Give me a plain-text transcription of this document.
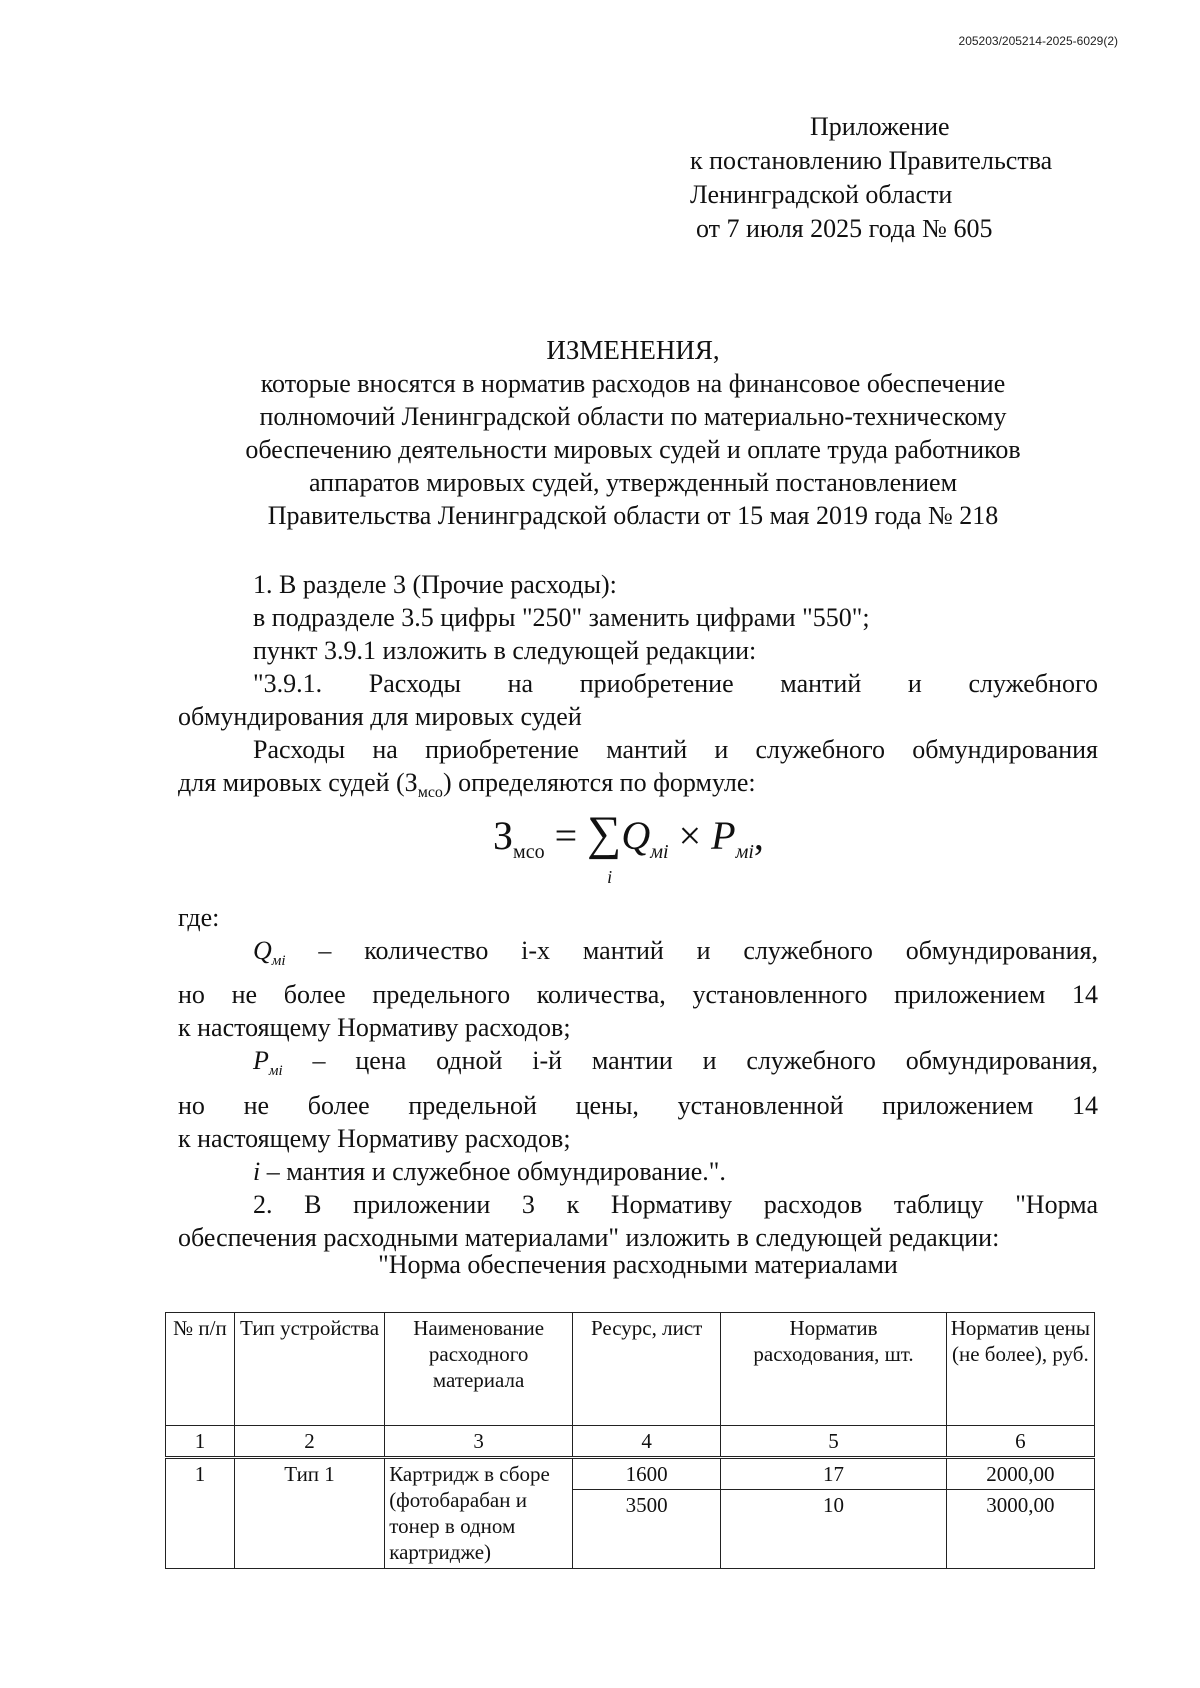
205203/205214-2025-6029(2)
Приложение
к постановлению Правительства
Ленинградской области
от 7 июля 2025 года № 605
ИЗМЕНЕНИЯ,
которые вносятся в норматив расходов на финансовое обеспечение
полномочий Ленинградской области по материально-техническому
обеспечению деятельности мировых судей и оплате труда работников
аппаратов мировых судей, утвержденный постановлением
Правительства Ленинградской области от 15 мая 2019 года № 218
1. В разделе 3 (Прочие расходы):
в подразделе 3.5 цифры "250" заменить цифрами "550";
пункт 3.9.1 изложить в следующей редакции:
"3.9.1. Расходы на приобретение мантий и служебного
обмундирования для мировых судей
Расходы на приобретение мантий и служебного обмундирования
для мировых судей $(З_{мсо})$ определяются по формуле:
$З_{мсо}$ = ∑
i
$Q_{мi} \times P_{мi}$,
где:
$Q_{мi}$ – количество i-х мантий и служебного обмундирования,
но не более предельного количества, установленного приложением 14
к настоящему Нормативу расходов;
$P_{мi}$ – цена одной i-й мантии и служебного обмундирования,
но не более предельной цены, установленной приложением 14
к настоящему Нормативу расходов;
i – мантия и служебное обмундирование.".
2. В приложении 3 к Нормативу расходов таблицу "Норма
обеспечения расходными материалами" изложить в следующей редакции:
"Норма обеспечения расходными материалами
№ п/п	Тип устройства	Наименование расходного материала	Ресурс, лист	Норматив расходования, шт.	Норматив цены (не более), руб.
1	2	3	4	5	6
1	Тип 1	Картридж в сборе (фотобарабан и тонер в одном картридже)	1600	17	2000,00
			3500	10	3000,00
